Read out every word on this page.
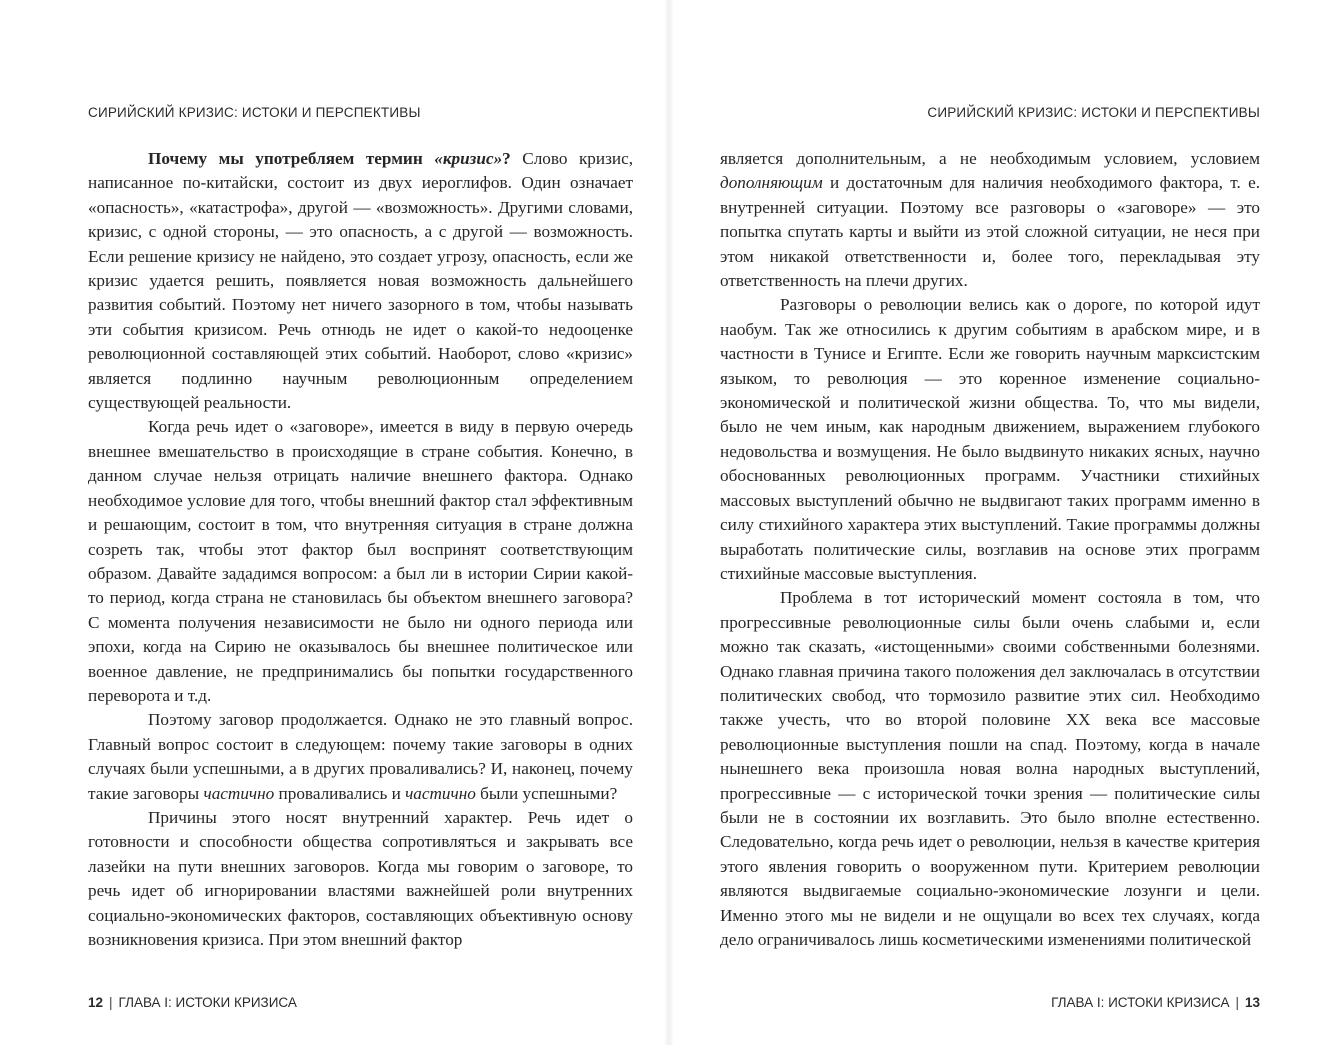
СИРИЙСКИЙ КРИЗИС: ИСТОКИ И ПЕРСПЕКТИВЫ

Почему мы употребляем термин «кризис»? Слово кризис, написанное по-китайски, состоит из двух иероглифов. Один означает «опасность», «катастрофа», другой — «возможность». Другими словами, кризис, с одной стороны, — это опасность, а с другой — возможность. Если решение кризису не найдено, это создает угрозу, опасность, если же кризис удается решить, появляется новая возможность дальнейшего развития событий. Поэтому нет ничего зазорного в том, чтобы называть эти события кризисом. Речь отнюдь не идет о какой-то недооценке революционной составляющей этих событий. Наоборот, слово «кризис» является подлинно научным революционным определением существующей реальности.

Когда речь идет о «заговоре», имеется в виду в первую очередь внешнее вмешательство в происходящие в стране события. Конечно, в данном случае нельзя отрицать наличие внешнего фактора. Однако необходимое условие для того, чтобы внешний фактор стал эффективным и решающим, состоит в том, что внутренняя ситуация в стране должна созреть так, чтобы этот фактор был воспринят соответствующим образом. Давайте зададимся вопросом: а был ли в истории Сирии какой-то период, когда страна не становилась бы объектом внешнего заговора? С момента получения независимости не было ни одного периода или эпохи, когда на Сирию не оказывалось бы внешнее политическое или военное давление, не предпринимались бы попытки государственного переворота и т.д.

Поэтому заговор продолжается. Однако не это главный вопрос. Главный вопрос состоит в следующем: почему такие заговоры в одних случаях были успешными, а в других проваливались? И, наконец, почему такие заговоры частично проваливались и частично были успешными?

Причины этого носят внутренний характер. Речь идет о готовности и способности общества сопротивляться и закрывать все лазейки на пути внешних заговоров. Когда мы говорим о заговоре, то речь идет об игнорировании властями важнейшей роли внутренних социально-экономических факторов, составляющих объективную основу возникновения кризиса. При этом внешний фактор

12 | ГЛАВА I: ИСТОКИ КРИЗИСА
СИРИЙСКИЙ КРИЗИС: ИСТОКИ И ПЕРСПЕКТИВЫ

является дополнительным, а не необходимым условием, условием дополняющим и достаточным для наличия необходимого фактора, т. е. внутренней ситуации. Поэтому все разговоры о «заговоре» — это попытка спутать карты и выйти из этой сложной ситуации, не неся при этом никакой ответственности и, более того, перекладывая эту ответственность на плечи других.

Разговоры о революции велись как о дороге, по которой идут наобум. Так же относились к другим событиям в арабском мире, и в частности в Тунисе и Египте. Если же говорить научным марксистским языком, то революция — это коренное изменение социально-экономической и политической жизни общества. То, что мы видели, было не чем иным, как народным движением, выражением глубокого недовольства и возмущения. Не было выдвинуто никаких ясных, научно обоснованных революционных программ. Участники стихийных массовых выступлений обычно не выдвигают таких программ именно в силу стихийного характера этих выступлений. Такие программы должны выработать политические силы, возглавив на основе этих программ стихийные массовые выступления.

Проблема в тот исторический момент состояла в том, что прогрессивные революционные силы были очень слабыми и, если можно так сказать, «истощенными» своими собственными болезнями. Однако главная причина такого положения дел заключалась в отсутствии политических свобод, что тормозило развитие этих сил. Необходимо также учесть, что во второй половине XX века все массовые революционные выступления пошли на спад. Поэтому, когда в начале нынешнего века произошла новая волна народных выступлений, прогрессивные — с исторической точки зрения — политические силы были не в состоянии их возглавить. Это было вполне естественно. Следовательно, когда речь идет о революции, нельзя в качестве критерия этого явления говорить о вооруженном пути. Критерием революции являются выдвигаемые социально-экономические лозунги и цели. Именно этого мы не видели и не ощущали во всех тех случаях, когда дело ограничивалось лишь косметическими изменениями политической

ГЛАВА I: ИСТОКИ КРИЗИСА | 13
